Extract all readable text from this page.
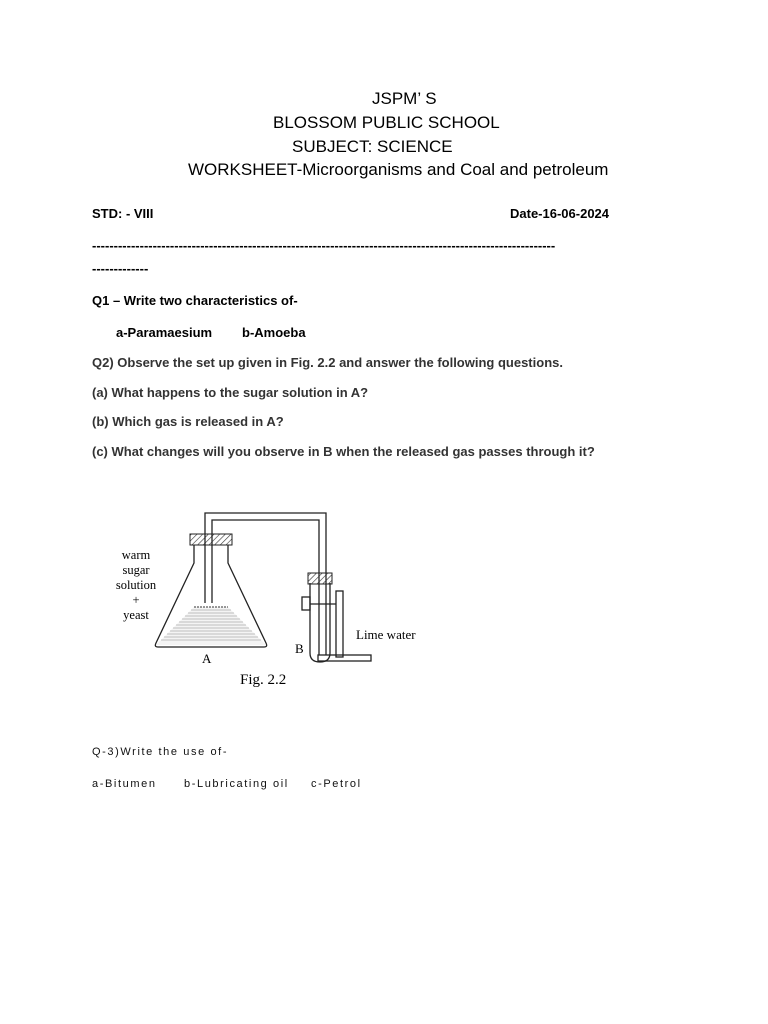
JSPM’ S
BLOSSOM PUBLIC SCHOOL
SUBJECT: SCIENCE
WORKSHEET-Microorganisms and Coal and petroleum
STD: - VIII	Date-16-06-2024
-----------------------------------------------------------------------------------------------------------
-------------
Q1 – Write two characteristics of-
a-Paramaesium b-Amoeba
Q2) Observe the set up given in Fig. 2.2 and answer the following questions.
(a) What happens to the sugar solution in A?
(b) Which gas is released in A?
(c) What changes will you observe in B when the released gas passes through it?
warm
sugar
solution
+
yeast
A
B
Lime water
Fig. 2.2
Q-3)Write the use of-
a-Bitumen b-Lubricating oil c-Petrol
